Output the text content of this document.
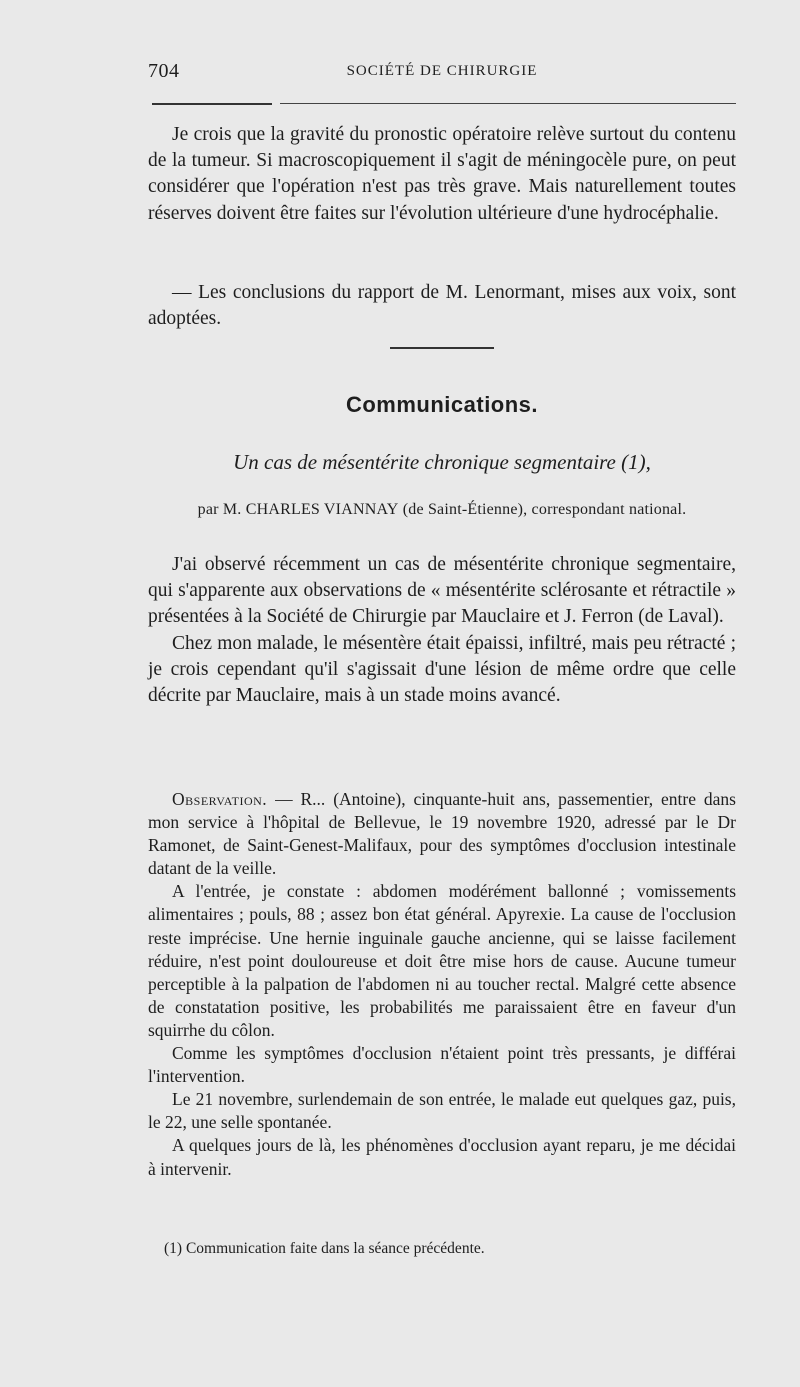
704	SOCIÉTÉ DE CHIRURGIE

Je crois que la gravité du pronostic opératoire relève surtout du contenu de la tumeur. Si macroscopiquement il s'agit de méningocèle pure, on peut considérer que l'opération n'est pas très grave. Mais naturellement toutes réserves doivent être faites sur l'évolution ultérieure d'une hydrocéphalie.

— Les conclusions du rapport de M. Lenormant, mises aux voix, sont adoptées.

Communications.
Un cas de mésentérite chronique segmentaire (1),
par M. CHARLES VIANNAY (de Saint-Étienne), correspondant national.

J'ai observé récemment un cas de mésentérite chronique segmentaire, qui s'apparente aux observations de « mésentérite sclérosante et rétractile » présentées à la Société de Chirurgie par Mauclaire et J. Ferron (de Laval).

Chez mon malade, le mésentère était épaissi, infiltré, mais peu rétracté ; je crois cependant qu'il s'agissait d'une lésion de même ordre que celle décrite par Mauclaire, mais à un stade moins avancé.

Observation. — R... (Antoine), cinquante-huit ans, passementier, entre dans mon service à l'hôpital de Bellevue, le 19 novembre 1920, adressé par le Dr Ramonet, de Saint-Genest-Malifaux, pour des symptômes d'occlusion intestinale datant de la veille.

A l'entrée, je constate : abdomen modérément ballonné ; vomissements alimentaires ; pouls, 88 ; assez bon état général. Apyrexie. La cause de l'occlusion reste imprécise. Une hernie inguinale gauche ancienne, qui se laisse facilement réduire, n'est point douloureuse et doit être mise hors de cause. Aucune tumeur perceptible à la palpation de l'abdomen ni au toucher rectal. Malgré cette absence de constatation positive, les probabilités me paraissaient être en faveur d'un squirrhe du côlon.

Comme les symptômes d'occlusion n'étaient point très pressants, je différai l'intervention.

Le 21 novembre, surlendemain de son entrée, le malade eut quelques gaz, puis, le 22, une selle spontanée.

A quelques jours de là, les phénomènes d'occlusion ayant reparu, je me décidai à intervenir.

(1) Communication faite dans la séance précédente.
